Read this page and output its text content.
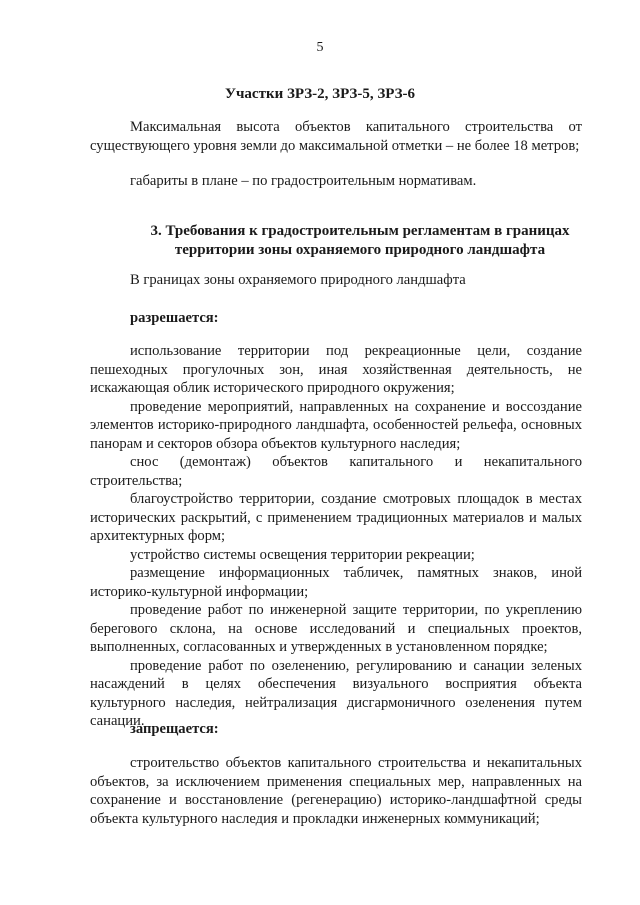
5
Участки ЗРЗ-2, ЗРЗ-5, ЗРЗ-6

Максимальная высота объектов капитального строительства от существующего уровня земли до максимальной отметки – не более 18 метров;

габариты в плане – по градостроительным нормативам.

3. Требования к градостроительным регламентам в границах территории зоны охраняемого природного ландшафта

В границах зоны охраняемого природного ландшафта

разрешается:

использование территории под рекреационные цели, создание пешеходных прогулочных зон, иная хозяйственная деятельность, не искажающая облик исторического природного окружения;

проведение мероприятий, направленных на сохранение и воссоздание элементов историко-природного ландшафта, особенностей рельефа, основных панорам и секторов обзора объектов культурного наследия;

снос (демонтаж) объектов капитального и некапитального строительства;

благоустройство территории, создание смотровых площадок в местах исторических раскрытий, с применением традиционных материалов и малых архитектурных форм;

устройство системы освещения территории рекреации;

размещение информационных табличек, памятных знаков, иной историко-культурной информации;

проведение работ по инженерной защите территории, по укреплению берегового склона, на основе исследований и специальных проектов, выполненных, согласованных и утвержденных в установленном порядке;

проведение работ по озеленению, регулированию и санации зеленых насаждений в целях обеспечения визуального восприятия объекта культурного наследия, нейтрализация дисгармоничного озеленения путем санации.

запрещается:

строительство объектов капитального строительства и некапитальных объектов, за исключением применения специальных мер, направленных на сохранение и восстановление (регенерацию) историко-ландшафтной среды объекта культурного наследия и прокладки инженерных коммуникаций;
